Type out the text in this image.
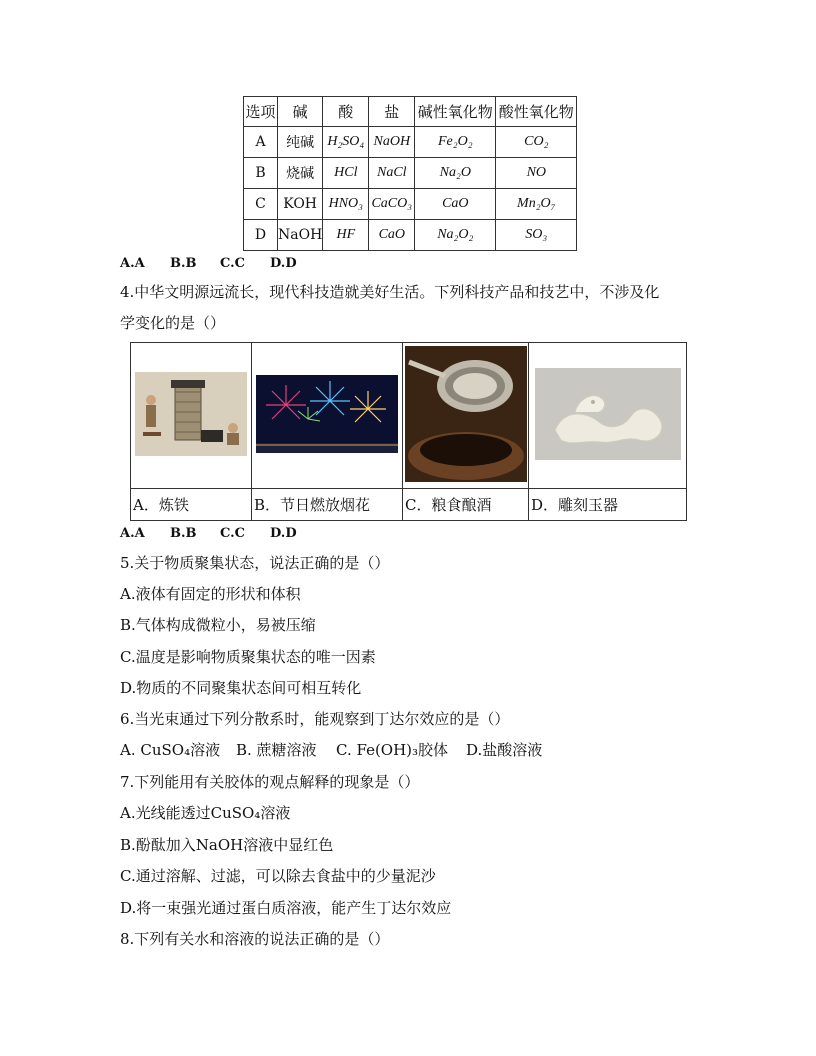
选项	碱	酸	盐	碱性氧化物	酸性氧化物
A	纯碱	H₂SO₄	NaOH	Fe₂O₂	CO₂
B	烧碱	HCl	NaCl	Na₂O	NO
C	KOH	HNO₃	CaCO₃	CaO	Mn₂O₇
D	NaOH	HF	CaO	Na₂O₂	SO₃
A.A B.B C.C D.D
4.中华文明源远流长，现代科技造就美好生活。下列科技产品和技艺中，不涉及化
学变化的是（）

A．炼铁	B．节日燃放烟花	C．粮食酿酒	D．雕刻玉器
A.A B.B C.C D.D
5.关于物质聚集状态，说法正确的是（）
A.液体有固定的形状和体积
B.气体构成微粒小，易被压缩
C.温度是影响物质聚集状态的唯一因素
D.物质的不同聚集状态间可相互转化
6.当光束通过下列分散系时，能观察到丁达尔效应的是（）
A. CuSO₄溶液 B. 蔗糖溶液 C. Fe(OH)₃胶体 D.盐酸溶液
7.下列能用有关胶体的观点解释的现象是（）
A.光线能透过CuSO₄溶液
B.酚酞加入NaOH溶液中显红色
C.通过溶解、过滤，可以除去食盐中的少量泥沙
D.将一束强光通过蛋白质溶液，能产生丁达尔效应
8.下列有关水和溶液的说法正确的是（）
